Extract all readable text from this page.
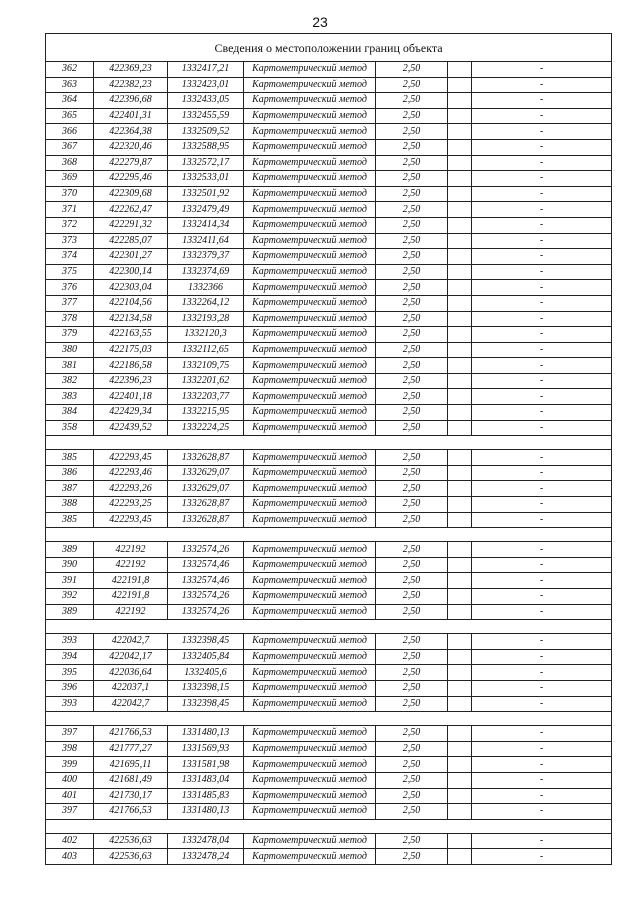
23
Сведения о местоположении границ объекта						
362	422369,23	1332417,21	Картометрический метод	2,50		-
363	422382,23	1332423,01	Картометрический метод	2,50		-
364	422396,68	1332433,05	Картометрический метод	2,50		-
365	422401,31	1332455,59	Картометрический метод	2,50		-
366	422364,38	1332509,52	Картометрический метод	2,50		-
367	422320,46	1332588,95	Картометрический метод	2,50		-
368	422279,87	1332572,17	Картометрический метод	2,50		-
369	422295,46	1332533,01	Картометрический метод	2,50		-
370	422309,68	1332501,92	Картометрический метод	2,50		-
371	422262,47	1332479,49	Картометрический метод	2,50		-
372	422291,32	1332414,34	Картометрический метод	2,50		-
373	422285,07	1332411,64	Картометрический метод	2,50		-
374	422301,27	1332379,37	Картометрический метод	2,50		-
375	422300,14	1332374,69	Картометрический метод	2,50		-
376	422303,04	1332366	Картометрический метод	2,50		-
377	422104,56	1332264,12	Картометрический метод	2,50		-
378	422134,58	1332193,28	Картометрический метод	2,50		-
379	422163,55	1332120,3	Картометрический метод	2,50		-
380	422175,03	1332112,65	Картометрический метод	2,50		-
381	422186,58	1332109,75	Картометрический метод	2,50		-
382	422396,23	1332201,62	Картометрический метод	2,50		-
383	422401,18	1332203,77	Картометрический метод	2,50		-
384	422429,34	1332215,95	Картометрический метод	2,50		-
358	422439,52	1332224,25	Картометрический метод	2,50		-

385	422293,45	1332628,87	Картометрический метод	2,50		-
386	422293,46	1332629,07	Картометрический метод	2,50		-
387	422293,26	1332629,07	Картометрический метод	2,50		-
388	422293,25	1332628,87	Картометрический метод	2,50		-
385	422293,45	1332628,87	Картометрический метод	2,50		-

389	422192	1332574,26	Картометрический метод	2,50		-
390	422192	1332574,46	Картометрический метод	2,50		-
391	422191,8	1332574,46	Картометрический метод	2,50		-
392	422191,8	1332574,26	Картометрический метод	2,50		-
389	422192	1332574,26	Картометрический метод	2,50		-

393	422042,7	1332398,45	Картометрический метод	2,50		-
394	422042,17	1332405,84	Картометрический метод	2,50		-
395	422036,64	1332405,6	Картометрический метод	2,50		-
396	422037,1	1332398,15	Картометрический метод	2,50		-
393	422042,7	1332398,45	Картометрический метод	2,50		-

397	421766,53	1331480,13	Картометрический метод	2,50		-
398	421777,27	1331569,93	Картометрический метод	2,50		-
399	421695,11	1331581,98	Картометрический метод	2,50		-
400	421681,49	1331483,04	Картометрический метод	2,50		-
401	421730,17	1331485,83	Картометрический метод	2,50		-
397	421766,53	1331480,13	Картометрический метод	2,50		-

402	422536,63	1332478,04	Картометрический метод	2,50		-
403	422536,63	1332478,24	Картометрический метод	2,50		-
